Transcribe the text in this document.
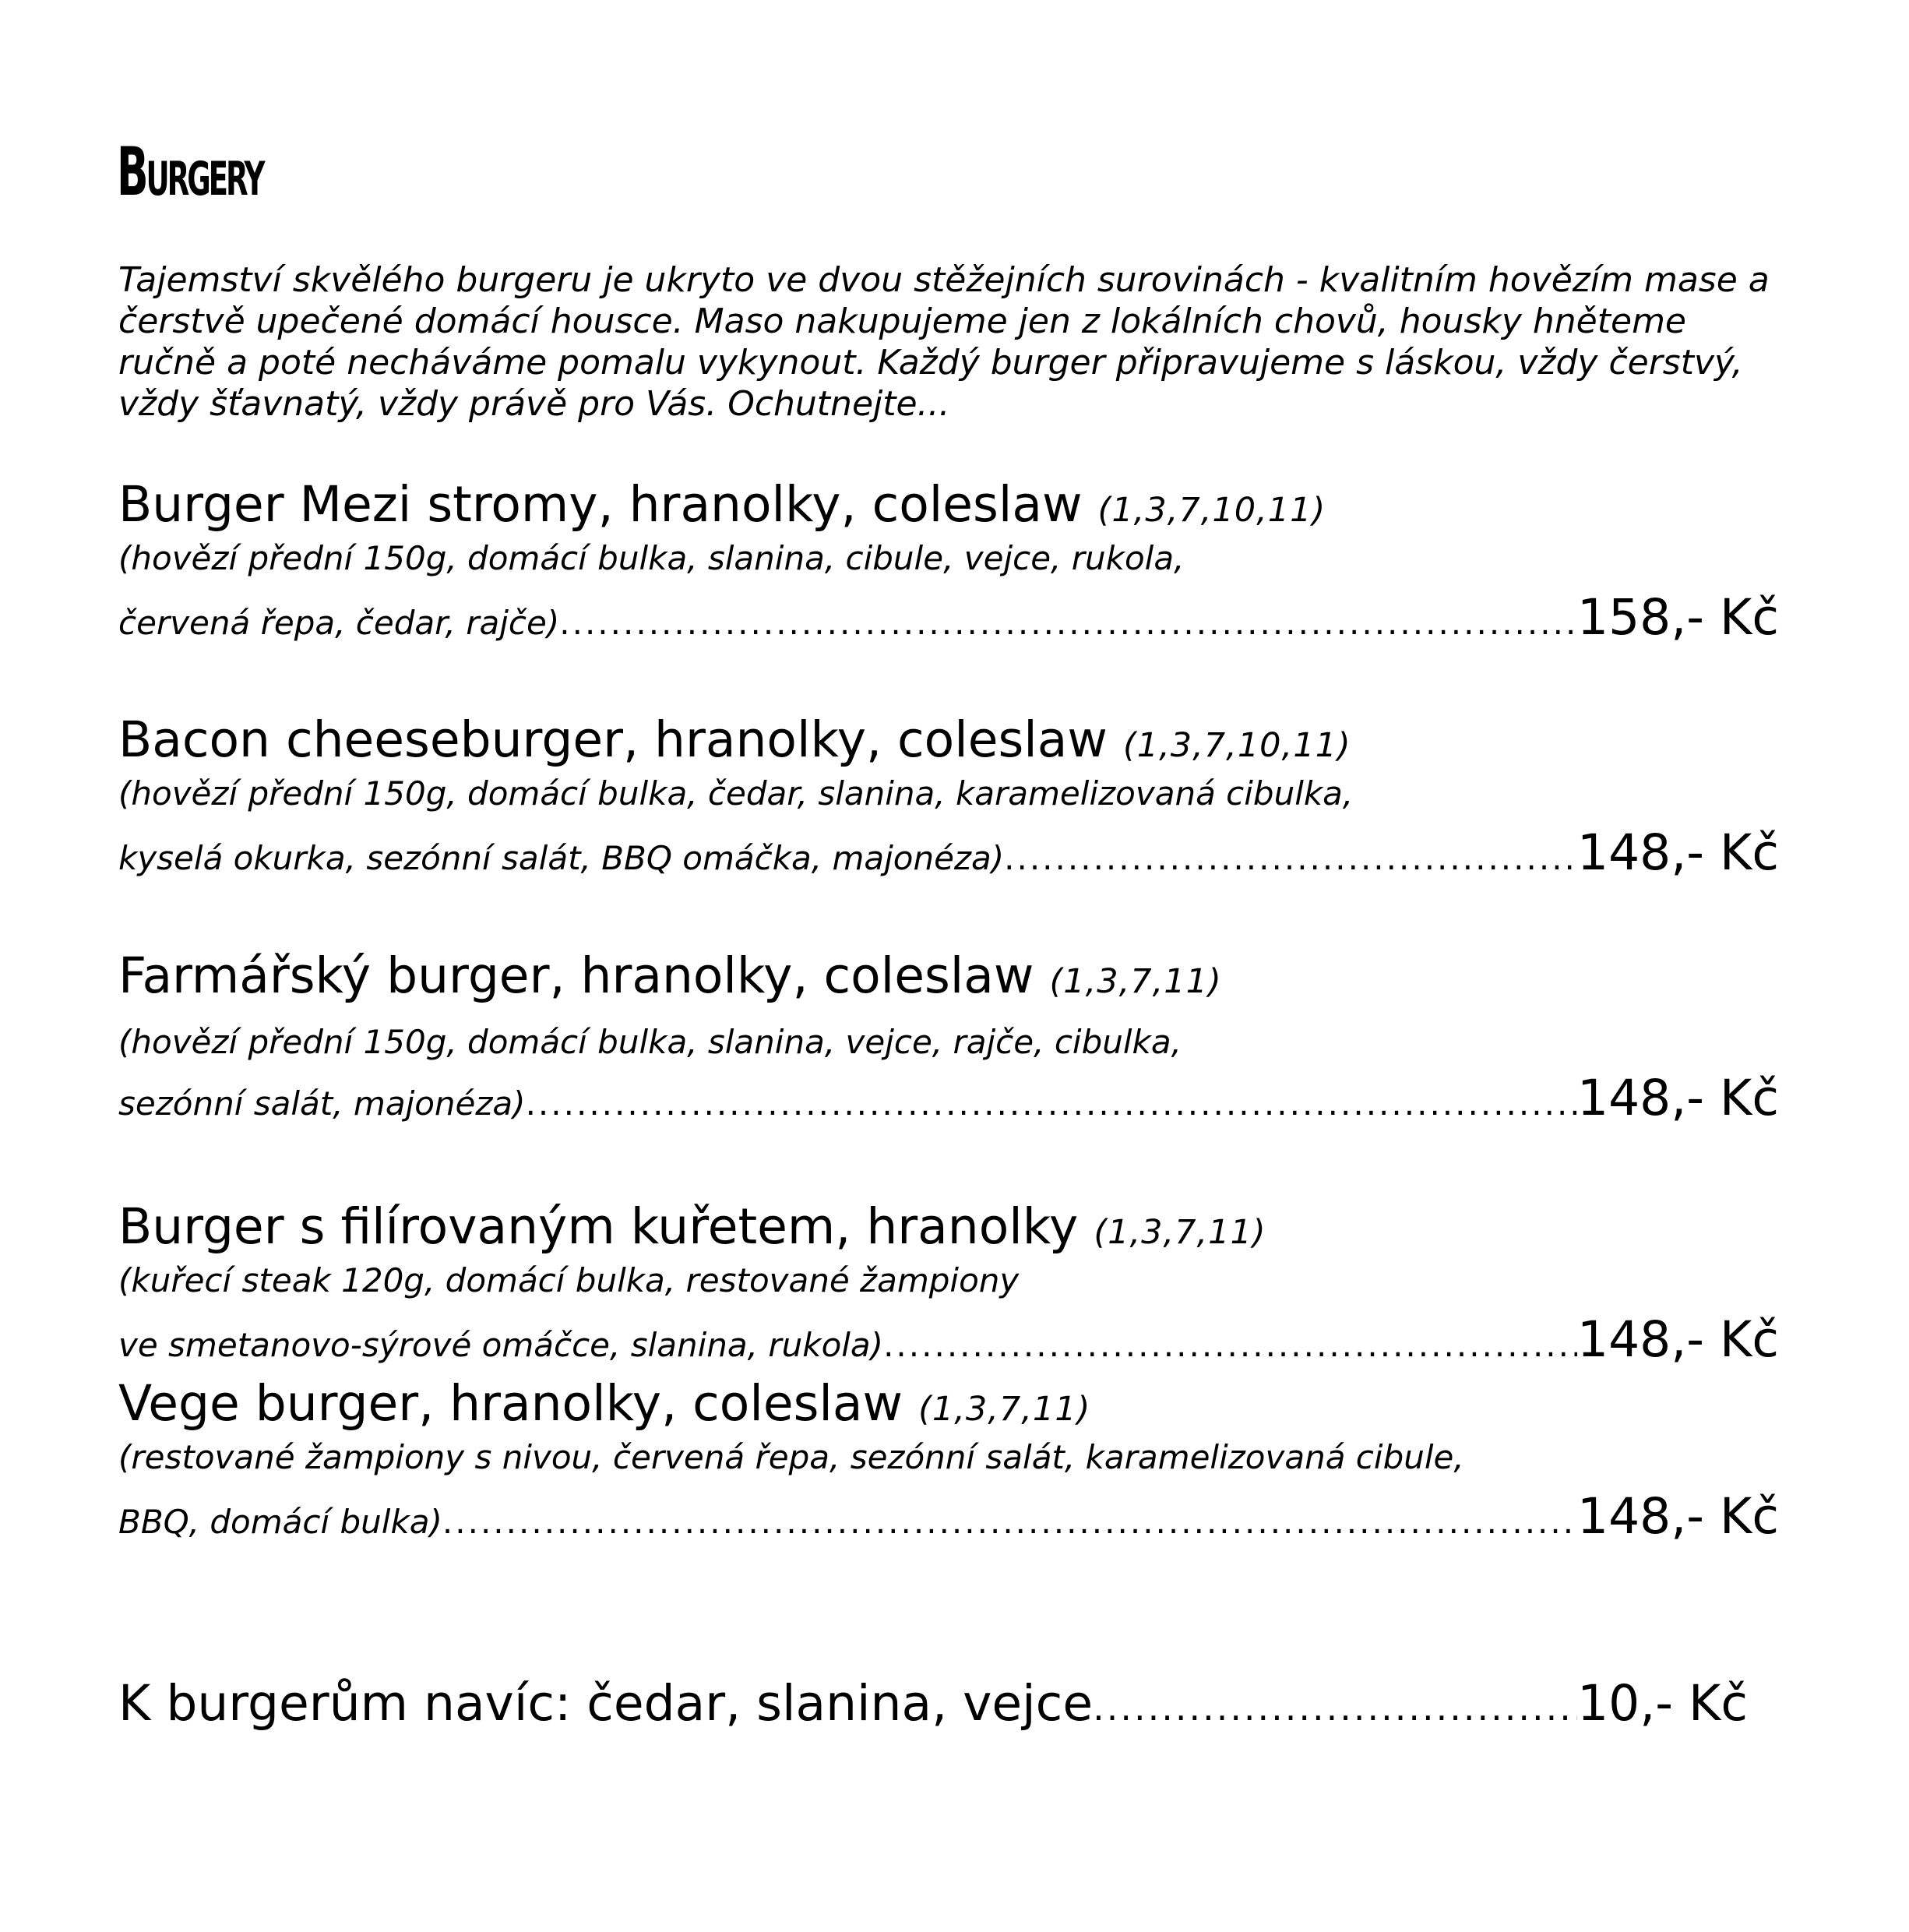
Burgery

Tajemství skvělého burgeru je ukryto ve dvou stěžejních surovinách - kvalitním hovězím mase a čerstvě upečené domácí housce. Maso nakupujeme jen z lokálních chovů, housky hněteme ručně a poté necháváme pomalu vykynout. Každý burger připravujeme s láskou, vždy čerstvý, vždy šťavnatý, vždy právě pro Vás. Ochutnejte...

Burger Mezi stromy, hranolky, coleslaw (1,3,7,10,11)
(hovězí přední 150g, domácí bulka, slanina, cibule, vejce, rukola,
červená řepa, čedar, rajče) .....	158,- Kč
Bacon cheeseburger, hranolky, coleslaw (1,3,7,10,11)
(hovězí přední 150g, domácí bulka, čedar, slanina, karamelizovaná cibulka,
kyselá okurka, sezónní salát, BBQ omáčka, majonéza) .....	148,- Kč
Farmářský burger, hranolky, coleslaw (1,3,7,11)
(hovězí přední 150g, domácí bulka, slanina, vejce, rajče, cibulka,
sezónní salát, majonéza) .....	148,- Kč
Burger s filírovaným kuřetem, hranolky (1,3,7,11)
(kuřecí steak 120g, domácí bulka, restované žampiony
ve smetanovo-sýrové omáčce, slanina, rukola) .....	148,- Kč
Vege burger, hranolky, coleslaw (1,3,7,11)
(restované žampiony s nivou, červená řepa, sezónní salát, karamelizovaná cibule,
BBQ, domácí bulka) .....	148,- Kč
K burgerům navíc: čedar, slanina, vejce .....	10,- Kč
